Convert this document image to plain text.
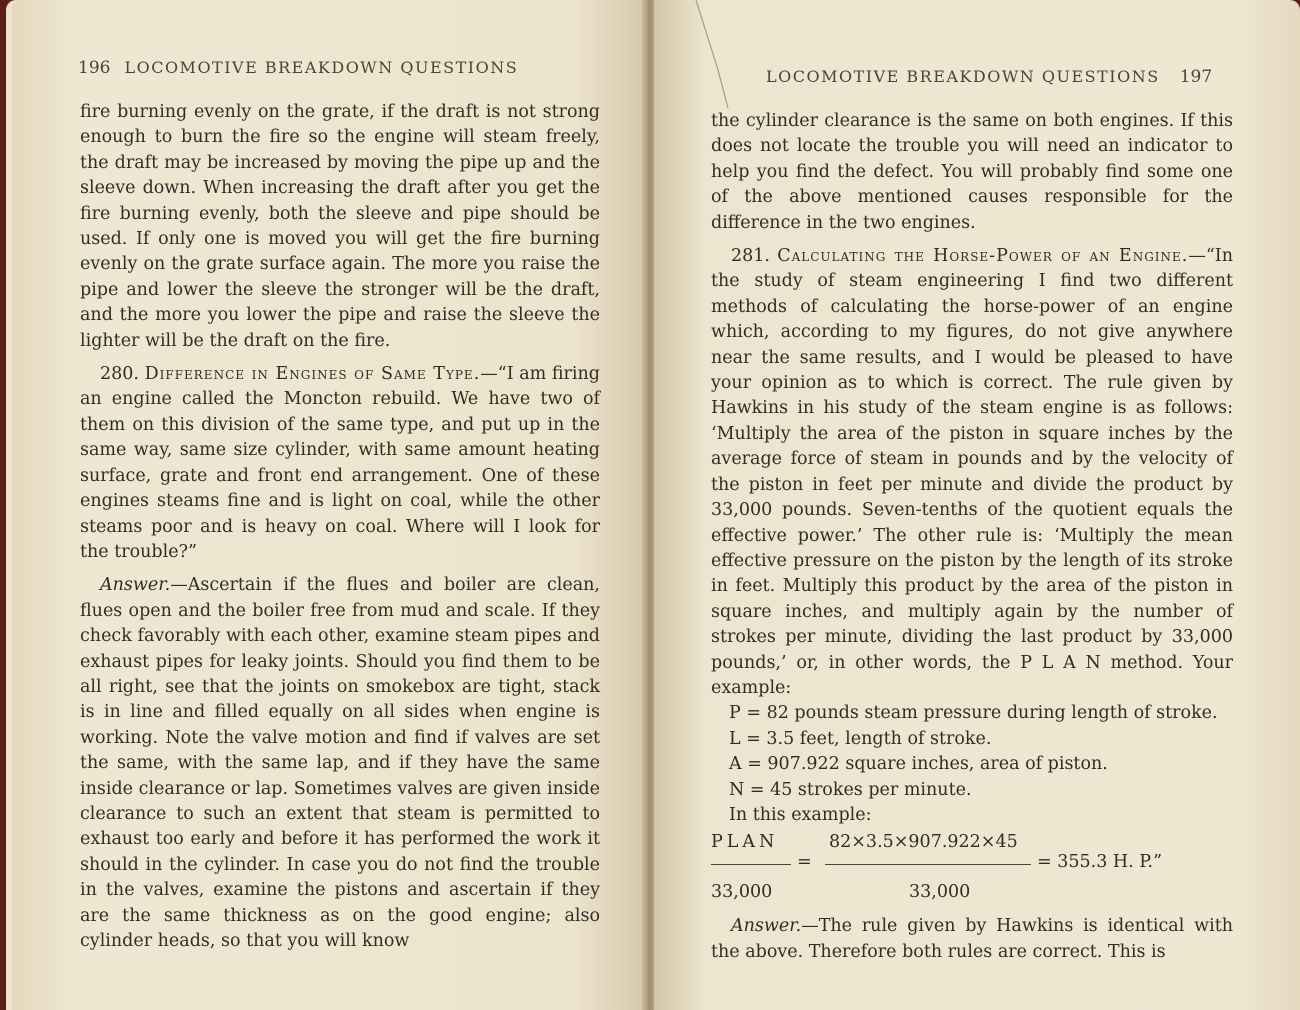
196 LOCOMOTIVE BREAKDOWN QUESTIONS

fire burning evenly on the grate, if the draft is not strong enough to burn the fire so the engine will steam freely, the draft may be increased by moving the pipe up and the sleeve down. When increasing the draft after you get the fire burning evenly, both the sleeve and pipe should be used. If only one is moved you will get the fire burning evenly on the grate surface again. The more you raise the pipe and lower the sleeve the stronger will be the draft, and the more you lower the pipe and raise the sleeve the lighter will be the draft on the fire.

280. Difference in Engines of Same Type.—“I am firing an engine called the Moncton rebuild. We have two of them on this division of the same type, and put up in the same way, same size cylinder, with same amount heating surface, grate and front end arrangement. One of these engines steams fine and is light on coal, while the other steams poor and is heavy on coal. Where will I look for the trouble?”

Answer.—Ascertain if the flues and boiler are clean, flues open and the boiler free from mud and scale. If they check favorably with each other, examine steam pipes and exhaust pipes for leaky joints. Should you find them to be all right, see that the joints on smokebox are tight, stack is in line and filled equally on all sides when engine is working. Note the valve motion and find if valves are set the same, with the same lap, and if they have the same inside clearance or lap. Sometimes valves are given inside clearance to such an extent that steam is permitted to exhaust too early and before it has performed the work it should in the cylinder. In case you do not find the trouble in the valves, examine the pistons and ascertain if they are the same thickness as on the good engine; also cylinder heads, so that you will know

LOCOMOTIVE BREAKDOWN QUESTIONS 197

the cylinder clearance is the same on both engines. If this does not locate the trouble you will need an indicator to help you find the defect. You will probably find some one of the above mentioned causes responsible for the difference in the two engines.

281. Calculating the Horse-Power of an Engine.—“In the study of steam engineering I find two different methods of calculating the horse-power of an engine which, according to my figures, do not give anywhere near the same results, and I would be pleased to have your opinion as to which is correct. The rule given by Hawkins in his study of the steam engine is as follows: ‘Multiply the area of the piston in square inches by the average force of steam in pounds and by the velocity of the piston in feet per minute and divide the product by 33,000 pounds. Seven-tenths of the quotient equals the effective power.’ The other rule is: ‘Multiply the mean effective pressure on the piston by the length of its stroke in feet. Multiply this product by the area of the piston in square inches, and multiply again by the number of strokes per minute, dividing the last product by 33,000 pounds,’ or, in other words, the P L A N method. Your example:

P = 82 pounds steam pressure during length of stroke.

L = 3.5 feet, length of stroke.

A = 907.922 square inches, area of piston.

N = 45 strokes per minute.

In this example:

PLAN	82×3.5×907.922×45
=	= 355.3 H. P.”
33,000	33,000

Answer.—The rule given by Hawkins is identical with the above. Therefore both rules are correct. This is
